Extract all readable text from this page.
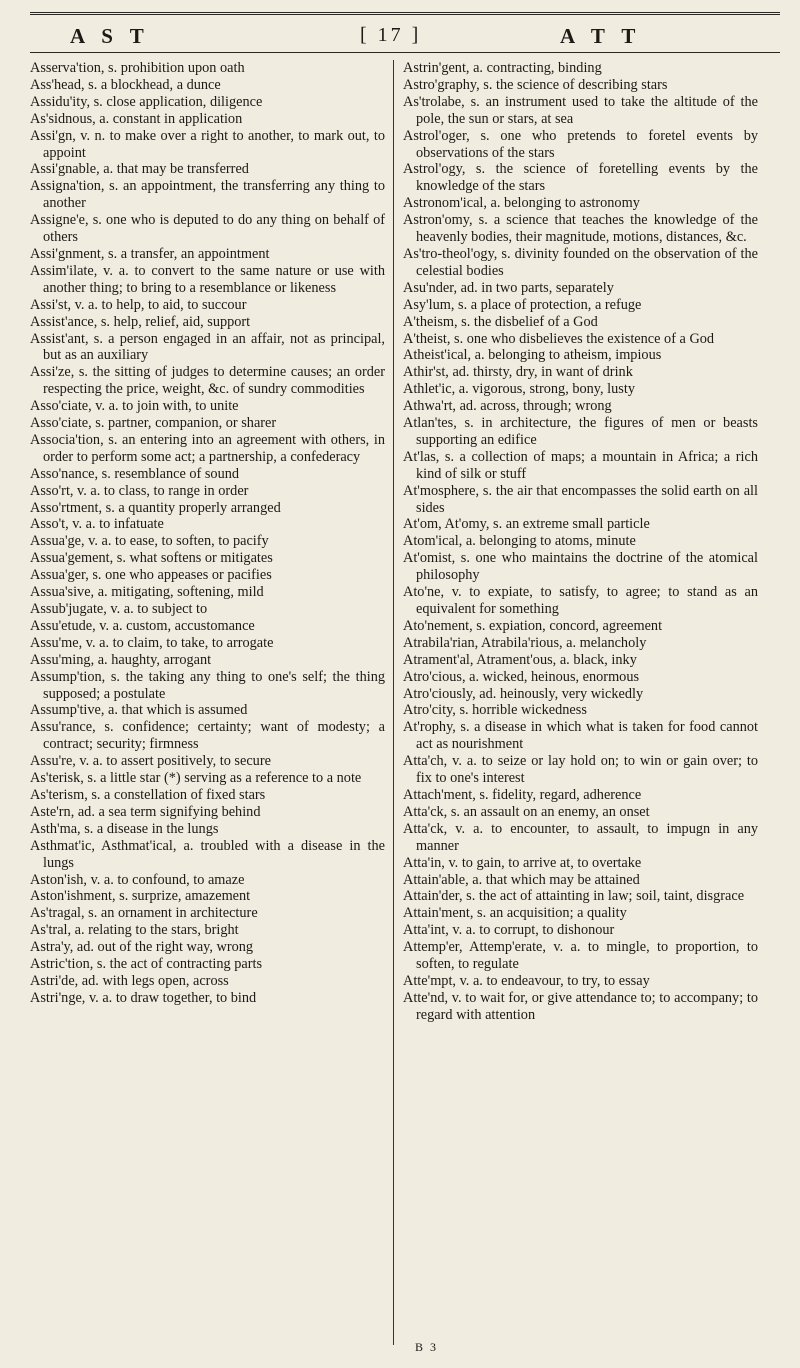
A S T	[ 17 ]	A T T
Asserva'tion, s. prohibition upon oath
Ass'head, s. a blockhead, a dunce
Assidu'ity, s. close application, diligence
As'sidnous, a. constant in application
Assi'gn, v. n. to make over a right to another, to mark out, to appoint
Assi'gnable, a. that may be transferred
Assigna'tion, s. an appointment, the transferring any thing to another
Assigne'e, s. one who is deputed to do any thing on behalf of others
Assi'gnment, s. a transfer, an appointment
Assim'ilate, v. a. to convert to the same nature or use with another thing; to bring to a resemblance or likeness
Assi'st, v. a. to help, to aid, to succour
Assist'ance, s. help, relief, aid, support
Assist'ant, s. a person engaged in an affair, not as principal, but as an auxiliary
Assi'ze, s. the sitting of judges to determine causes; an order respecting the price, weight, &c. of sundry commodities
Asso'ciate, v. a. to join with, to unite
Asso'ciate, s. partner, companion, or sharer
Associa'tion, s. an entering into an agreement with others, in order to perform some act; a partnership, a confederacy
Asso'nance, s. resemblance of sound
Asso'rt, v. a. to class, to range in order
Asso'rtment, s. a quantity properly arranged
Asso't, v. a. to infatuate
Assua'ge, v. a. to ease, to soften, to pacify
Assua'gement, s. what softens or mitigates
Assua'ger, s. one who appeases or pacifies
Assua'sive, a. mitigating, softening, mild
Assub'jugate, v. a. to subject to
Assu'etude, v. a. custom, accustomance
Assu'me, v. a. to claim, to take, to arrogate
Assu'ming, a. haughty, arrogant
Assump'tion, s. the taking any thing to one's self; the thing supposed; a postulate
Assump'tive, a. that which is assumed
Assu'rance, s. confidence; certainty; want of modesty; a contract; security; firmness
Assu're, v. a. to assert positively, to secure
As'terisk, s. a little star (*) serving as a reference to a note
As'terism, s. a constellation of fixed stars
Aste'rn, ad. a sea term signifying behind
Asth'ma, s. a disease in the lungs
Asthmat'ic, Asthmat'ical, a. troubled with a disease in the lungs
Aston'ish, v. a. to confound, to amaze
Aston'ishment, s. surprize, amazement
As'tragal, s. an ornament in architecture
As'tral, a. relating to the stars, bright
Astra'y, ad. out of the right way, wrong
Astric'tion, s. the act of contracting parts
Astri'de, ad. with legs open, across
Astri'nge, v. a. to draw together, to bind
Astrin'gent, a. contracting, binding
Astro'graphy, s. the science of describing stars
As'trolabe, s. an instrument used to take the altitude of the pole, the sun or stars, at sea
Astrol'oger, s. one who pretends to foretel events by observations of the stars
Astrol'ogy, s. the science of foretelling events by the knowledge of the stars
Astronom'ical, a. belonging to astronomy
Astron'omy, s. a science that teaches the knowledge of the heavenly bodies, their magnitude, motions, distances, &c.
As'tro-theol'ogy, s. divinity founded on the observation of the celestial bodies
Asu'nder, ad. in two parts, separately
Asy'lum, s. a place of protection, a refuge
A'theism, s. the disbelief of a God
A'theist, s. one who disbelieves the existence of a God
Atheist'ical, a. belonging to atheism, impious
Athir'st, ad. thirsty, dry, in want of drink
Athlet'ic, a. vigorous, strong, bony, lusty
Athwa'rt, ad. across, through; wrong
Atlan'tes, s. in architecture, the figures of men or beasts supporting an edifice
At'las, s. a collection of maps; a mountain in Africa; a rich kind of silk or stuff
At'mosphere, s. the air that encompasses the solid earth on all sides
At'om, At'omy, s. an extreme small particle
Atom'ical, a. belonging to atoms, minute
At'omist, s. one who maintains the doctrine of the atomical philosophy
Ato'ne, v. to expiate, to satisfy, to agree; to stand as an equivalent for something
Ato'nement, s. expiation, concord, agreement
Atrabila'rian, Atrabila'rious, a. melancholy
Atrament'al, Atrament'ous, a. black, inky
Atro'cious, a. wicked, heinous, enormous
Atro'ciously, ad. heinously, very wickedly
Atro'city, s. horrible wickedness
At'rophy, s. a disease in which what is taken for food cannot act as nourishment
Atta'ch, v. a. to seize or lay hold on; to win or gain over; to fix to one's interest
Attach'ment, s. fidelity, regard, adherence
Atta'ck, s. an assault on an enemy, an onset
Atta'ck, v. a. to encounter, to assault, to impugn in any manner
Atta'in, v. to gain, to arrive at, to overtake
Attain'able, a. that which may be attained
Attain'der, s. the act of attainting in law; soil, taint, disgrace
Attain'ment, s. an acquisition; a quality
Atta'int, v. a. to corrupt, to dishonour
Attemp'er, Attemp'erate, v. a. to mingle, to proportion, to soften, to regulate
Atte'mpt, v. a. to endeavour, to try, to essay
Atte'nd, v. to wait for, or give attendance to; to accompany; to regard with attention
B 3
